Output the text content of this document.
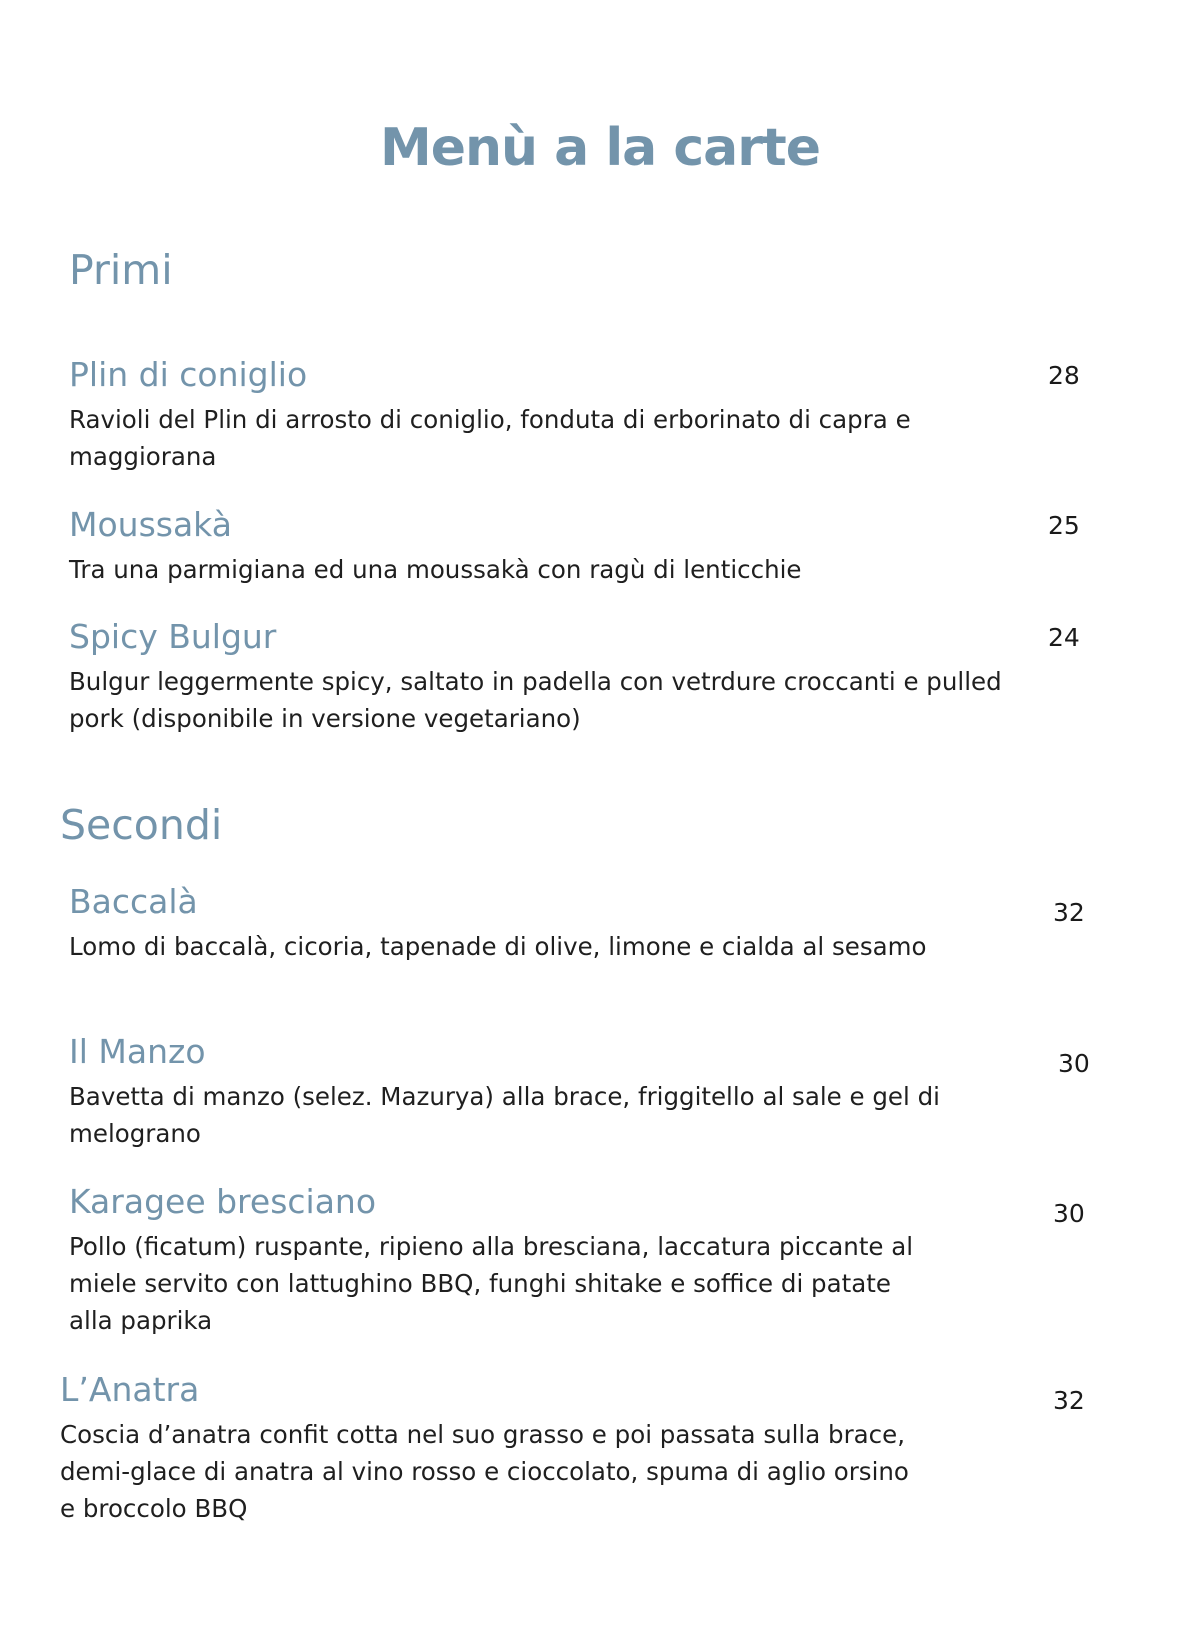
Menù a la carte
Primi
Plin di coniglio	28
Ravioli del Plin di arrosto di coniglio, fonduta di erborinato di capra e maggiorana
Moussakà	25
Tra una parmigiana ed una moussakà con ragù di lenticchie
Spicy Bulgur	24
Bulgur leggermente spicy, saltato in padella con vetrdure croccanti e pulled pork (disponibile in versione vegetariano)
Secondi
Baccalà	32
Lomo di baccalà, cicoria, tapenade di olive, limone e cialda al sesamo
Il Manzo	30
Bavetta di manzo (selez. Mazurya) alla brace, friggitello al sale e gel di melograno
Karagee bresciano	30
Pollo (ficatum) ruspante, ripieno alla bresciana, laccatura piccante al miele servito con lattughino BBQ, funghi shitake e soffice di patate alla paprika
L’Anatra	32
Coscia d’anatra confit cotta nel suo grasso e poi passata sulla brace, demi-glace di anatra al vino rosso e cioccolato, spuma di aglio orsino e broccolo BBQ
